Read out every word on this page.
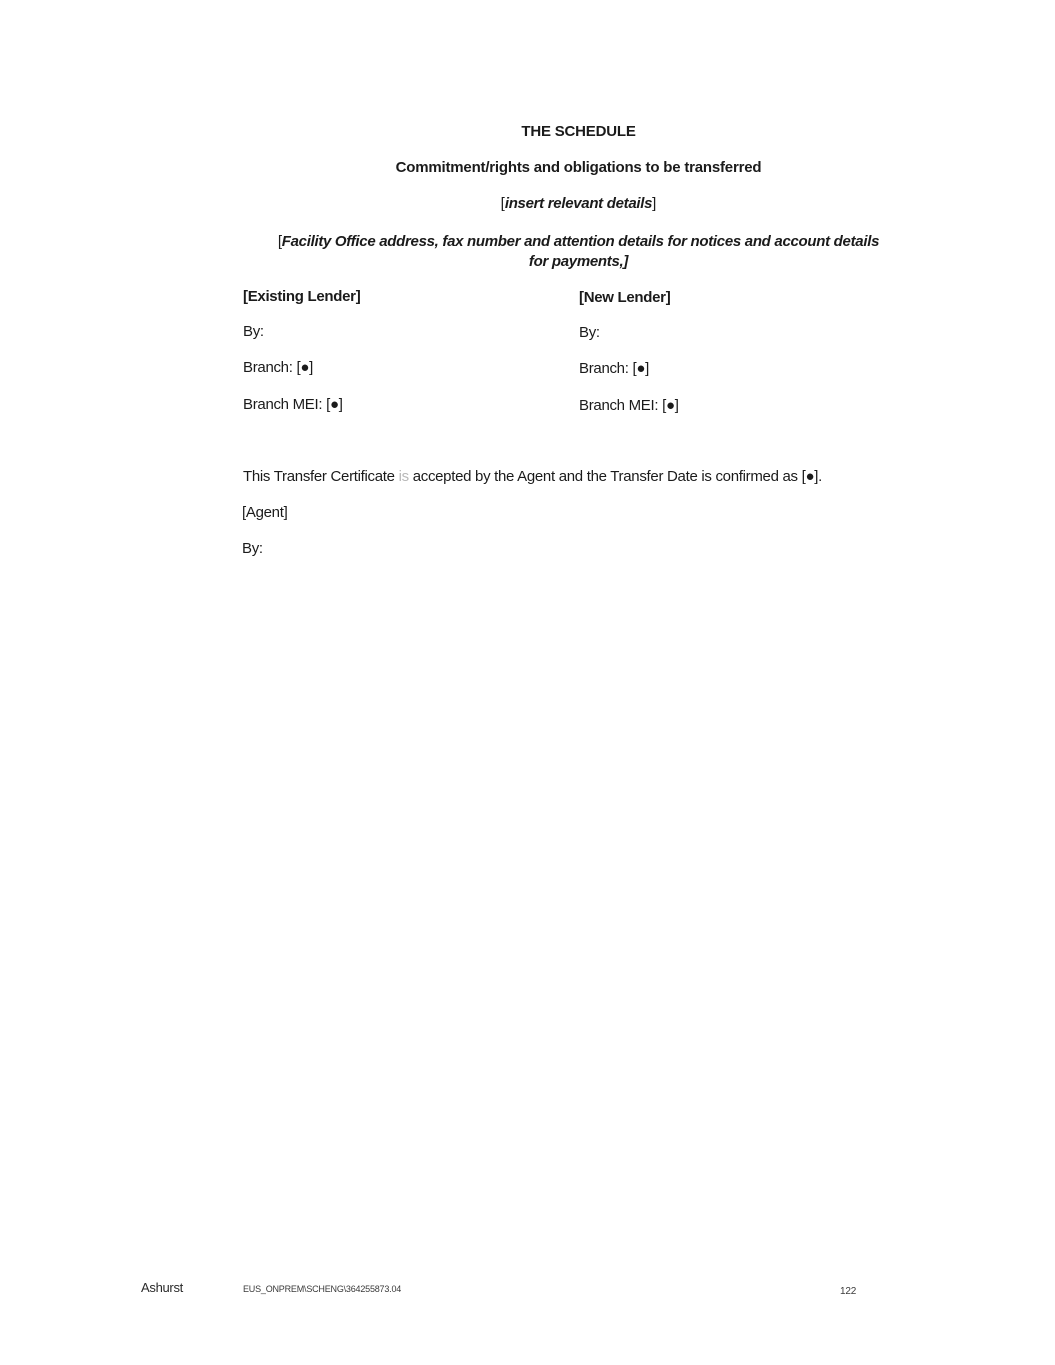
THE SCHEDULE
Commitment/rights and obligations to be transferred
[insert relevant details]
[Facility Office address, fax number and attention details for notices and account details
for payments,]
[Existing Lender]
By:
Branch: [●]
Branch MEI: [●]
[New Lender]
By:
Branch: [●]
Branch MEI: [●]
This Transfer Certificate is accepted by the Agent and the Transfer Date is confirmed as [●].
[Agent]
By:
Ashurst	EUS_ONPREM\SCHENG\364255873.04	122
